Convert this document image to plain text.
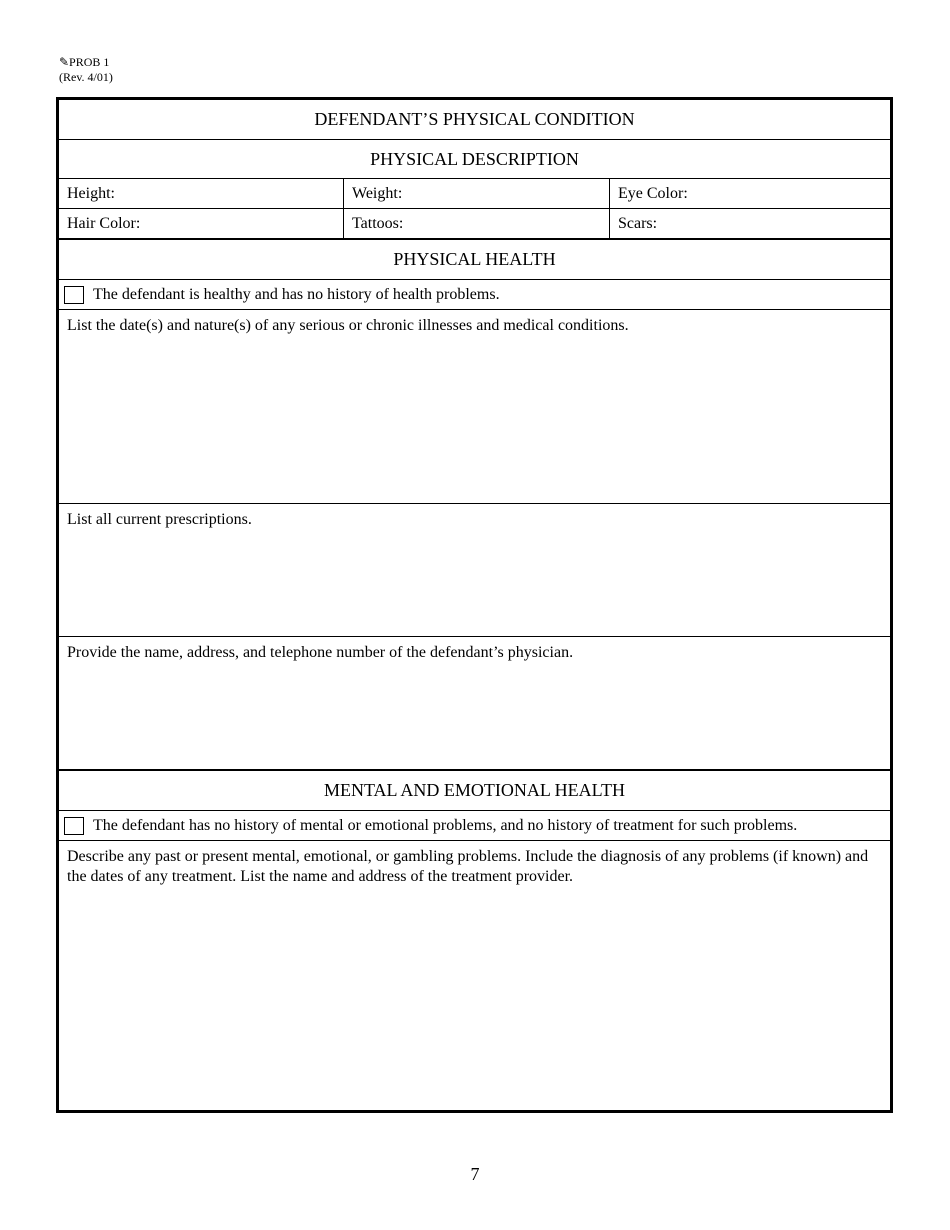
✎PROB 1
(Rev. 4/01)
DEFENDANT’S PHYSICAL CONDITION
PHYSICAL DESCRIPTION
Height:	Weight:	Eye Color:
Hair Color:	Tattoos:	Scars:
PHYSICAL HEALTH
The defendant is healthy and has no history of health problems.
List the date(s) and nature(s) of any serious or chronic illnesses and medical conditions.
List all current prescriptions.
Provide the name, address, and telephone number of the defendant’s physician.
MENTAL AND EMOTIONAL HEALTH
The defendant has no history of mental or emotional problems, and no history of treatment for such problems.
Describe any past or present mental, emotional, or gambling problems. Include the diagnosis of any problems (if known) and the dates of any treatment. List the name and address of the treatment provider.
7
